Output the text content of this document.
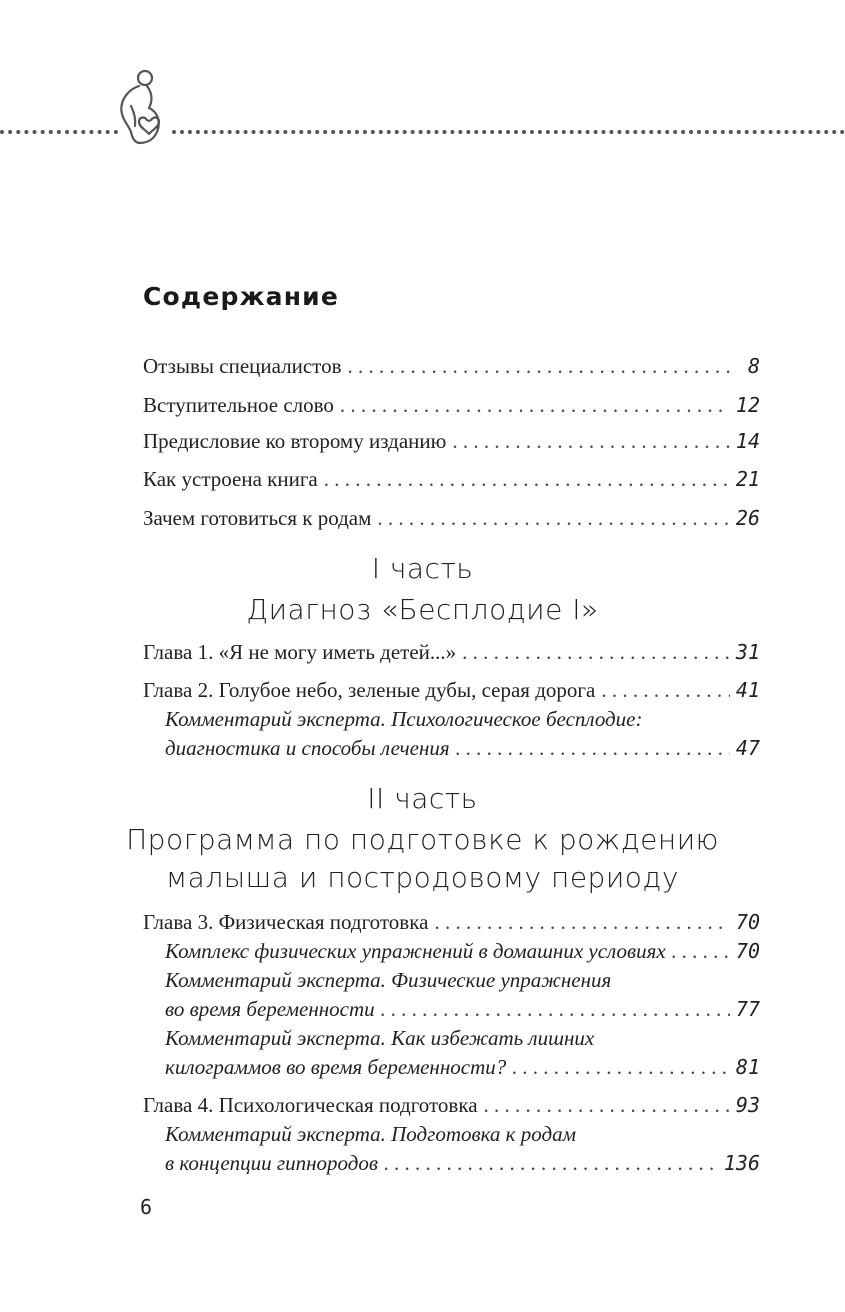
Содержание
Отзывы специалистов . . .	8
Вступительное слово . . .	12
Предисловие ко второму изданию . . .	14
Как устроена книга . . .	21
Зачем готовиться к родам . . .	26
I часть
Диагноз «Бесплодие I»
Глава 1. «Я не могу иметь детей...» . . .	31
Глава 2. Голубое небо, зеленые дубы, серая дорога . . .	41
Комментарий эксперта. Психологическое бесплодие:
диагностика и способы лечения . . .	47
II часть
Программа по подготовке к рождению
малыша и постродовому периоду
Глава 3. Физическая подготовка . . .	70
Комплекс физических упражнений в домашних условиях . . .	70
Комментарий эксперта. Физические упражнения
во время беременности . . .	77
Комментарий эксперта. Как избежать лишних
килограммов во время беременности? . . .	81
Глава 4. Психологическая подготовка . . .	93
Комментарий эксперта. Подготовка к родам
в концепции гипнородов . . .	136
6
